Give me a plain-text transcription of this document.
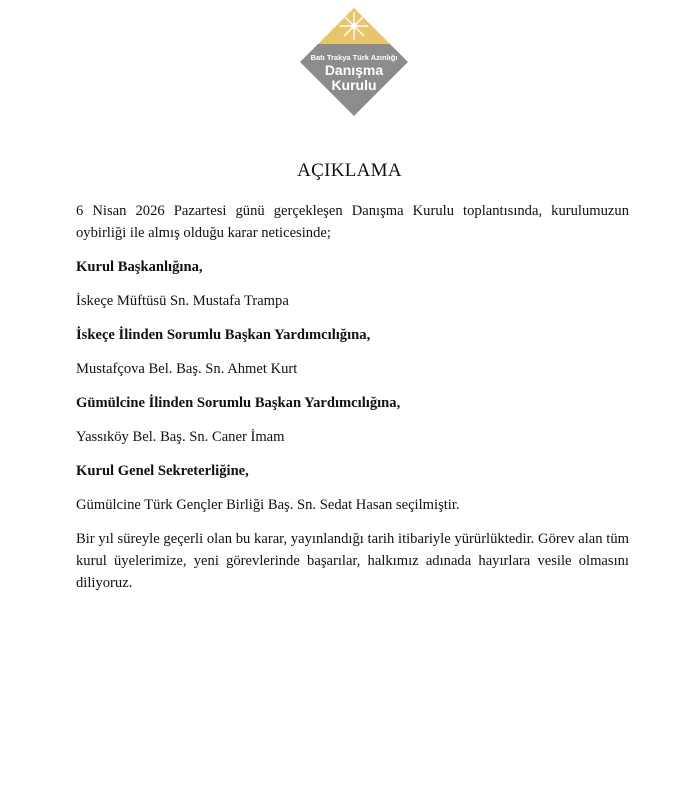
Batı Trakya Türk Azınlığı
Danışma
Kurulu
AÇIKLAMA

6 Nisan 2026 Pazartesi günü gerçekleşen Danışma Kurulu toplantısında, kurulumuzun oybirliği ile almış olduğu karar neticesinde;

Kurul Başkanlığına,

İskeçe Müftüsü Sn. Mustafa Trampa

İskeçe İlinden Sorumlu Başkan Yardımcılığına,

Mustafçova Bel. Baş. Sn. Ahmet Kurt

Gümülcine İlinden Sorumlu Başkan Yardımcılığına,

Yassıköy Bel. Baş. Sn. Caner İmam

Kurul Genel Sekreterliğine,

Gümülcine Türk Gençler Birliği Baş. Sn. Sedat Hasan seçilmiştir.

Bir yıl süreyle geçerli olan bu karar, yayınlandığı tarih itibariyle yürürlüktedir. Görev alan tüm kurul üyelerimize, yeni görevlerinde başarılar, halkımız adınada hayırlara vesile olmasını diliyoruz.
